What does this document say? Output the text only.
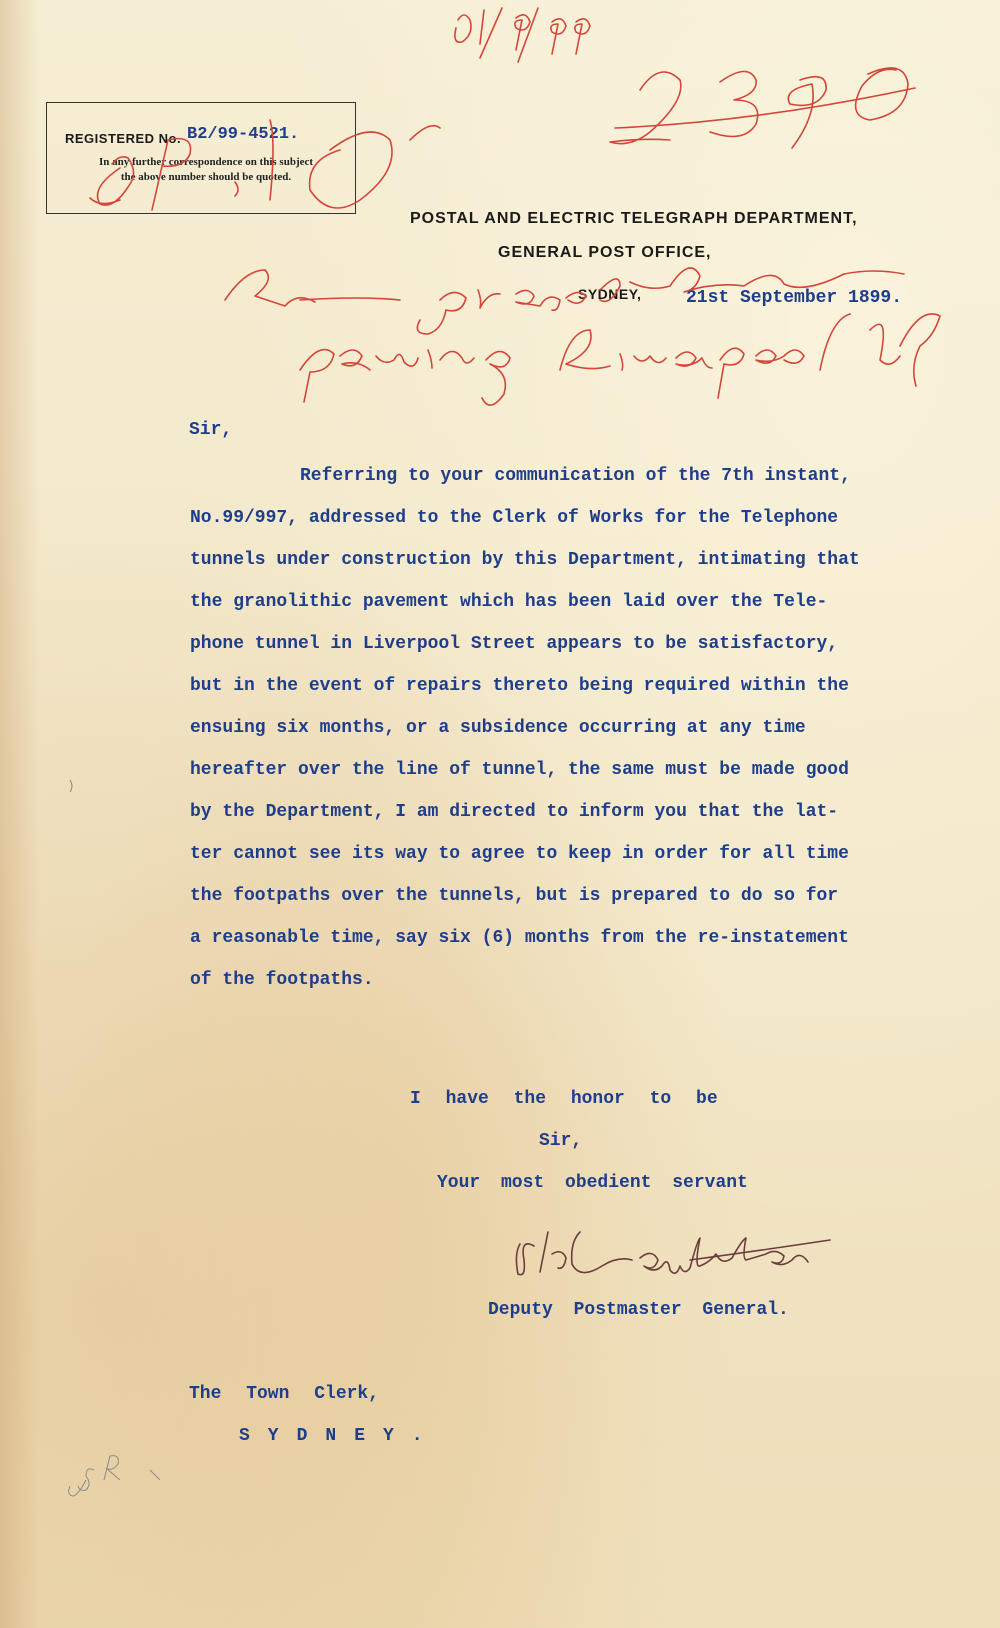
REGISTERED No. B2/99-4521.
In any further correspondence on this subject
the above number should be quoted.
POSTAL AND ELECTRIC TELEGRAPH DEPARTMENT,
GENERAL POST OFFICE,
SYDNEY, 21st September 1899.
Sir,
Referring to your communication of the 7th instant,
No.99/997, addressed to the Clerk of Works for the Telephone
tunnels under construction by this Department, intimating that
the granolithic pavement which has been laid over the Tele-
phone tunnel in Liverpool Street appears to be satisfactory,
but in the event of repairs thereto being required within the
ensuing six months, or a subsidence occurring at any time
hereafter over the line of tunnel, the same must be made good
by the Department, I am directed to inform you that the lat-
ter cannot see its way to agree to keep in order for all time
the footpaths over the tunnels, but is prepared to do so for
a reasonable time, say six (6) months from the re-instatement
of the footpaths.
I have the honor to be
Sir,
Your most obedient servant
Deputy Postmaster General.
The Town Clerk,
SYDNEY.
